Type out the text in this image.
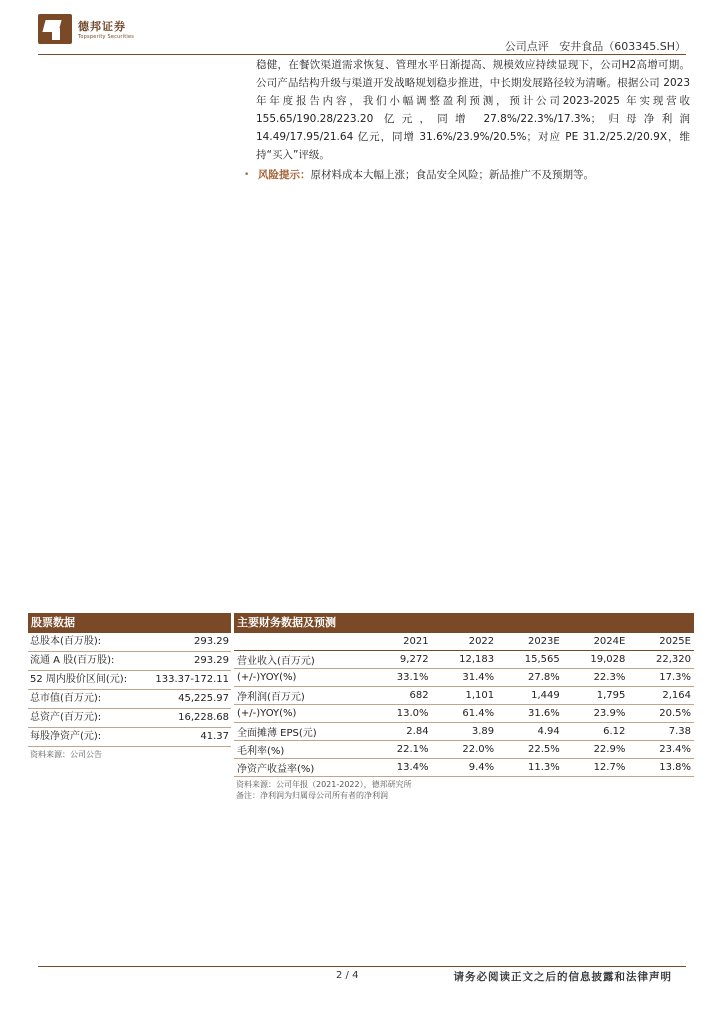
德邦证券
Topsperity Securities
公司点评 安井食品（603345.SH）

稳健，在餐饮渠道需求恢复、管理水平日渐提高、规模效应持续显现下，公司H2高增可期。公司产品结构升级与渠道开发战略规划稳步推进，中长期发展路径较为清晰。根据公司 2023 年年度报告内容，我们小幅调整盈利预测，预计公司2023-2025 年实现营收 155.65/190.28/223.20 亿元，同增 27.8%/22.3%/17.3%；归母净利润 14.49/17.95/21.64 亿元，同增 31.6%/23.9%/20.5%；对应 PE 31.2/25.2/20.9X，维持“买入”评级。

• 风险提示：原材料成本大幅上涨；食品安全风险；新品推广不及预期等。
股票数据
总股本(百万股):	293.29
流通 A 股(百万股):	293.29
52 周内股价区间(元):	133.37-172.11
总市值(百万元):	45,225.97
总资产(百万元):	16,228.68
每股净资产(元):	41.37
资料来源：公司公告
主要财务数据及预测
	2021	2022	2023E	2024E	2025E
营业收入(百万元)	9,272	12,183	15,565	19,028	22,320
(+/-)YOY(%)	33.1%	31.4%	27.8%	22.3%	17.3%
净利润(百万元)	682	1,101	1,449	1,795	2,164
(+/-)YOY(%)	13.0%	61.4%	31.6%	23.9%	20.5%
全面摊薄 EPS(元)	2.84	3.89	4.94	6.12	7.38
毛利率(%)	22.1%	22.0%	22.5%	22.9%	23.4%
净资产收益率(%)	13.4%	9.4%	11.3%	12.7%	13.8%
资料来源：公司年报（2021-2022），德邦研究所
备注：净利润为归属母公司所有者的净利润
2 / 4	请务必阅读正文之后的信息披露和法律声明
